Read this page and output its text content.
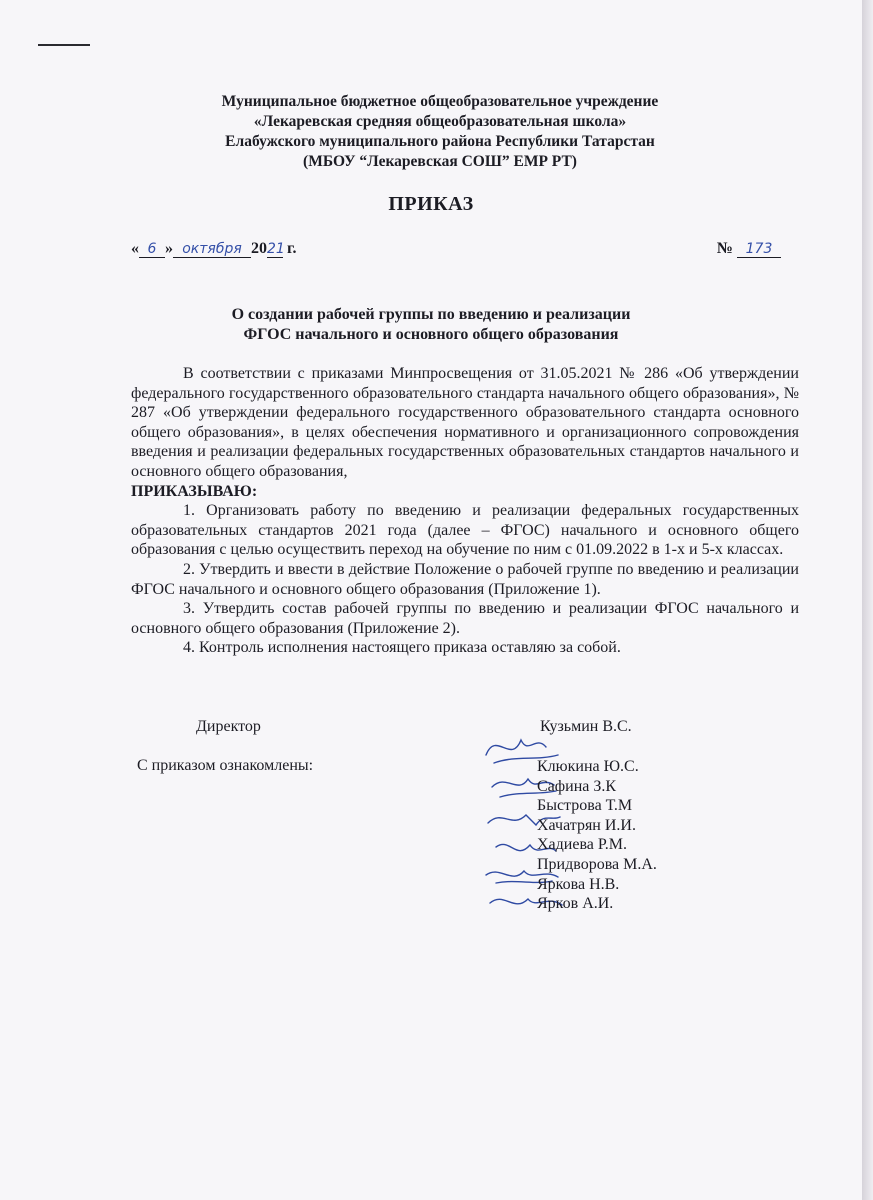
Муниципальное бюджетное общеобразовательное учреждение
«Лекаревская средняя общеобразовательная школа»
Елабужского муниципального района Республики Татарстан
(МБОУ “Лекаревская СОШ” ЕМР РТ)
ПРИКАЗ
« 6 » октября 2021 г.	№ 173
О создании рабочей группы по введению и реализации
ФГОС начального и основного общего образования

В соответствии с приказами Минпросвещения от 31.05.2021 № 286 «Об утверждении федерального государственного образовательного стандарта начального общего образования», № 287 «Об утверждении федерального государственного образовательного стандарта основного общего образования», в целях обеспечения нормативного и организационного сопровождения введения и реализации федеральных государственных образовательных стандартов начального и основного общего образования,

ПРИКАЗЫВАЮ:

1. Организовать работу по введению и реализации федеральных государственных образовательных стандартов 2021 года (далее – ФГОС) начального и основного общего образования с целью осуществить переход на обучение по ним с 01.09.2022 в 1-х и 5-х классах.

2. Утвердить и ввести в действие Положение о рабочей группе по введению и реализации ФГОС начального и основного общего образования (Приложение 1).

3. Утвердить состав рабочей группы по введению и реализации ФГОС начального и основного общего образования (Приложение 2).

4. Контроль исполнения настоящего приказа оставляю за собой.

Директор	Кузьмин В.С.
С приказом ознакомлены:	Клюкина Ю.С.
Сафина З.К
Быстрова Т.М
Хачатрян И.И.
Хадиева Р.М.
Придворова М.А.
Яркова Н.В.
Ярков А.И.
